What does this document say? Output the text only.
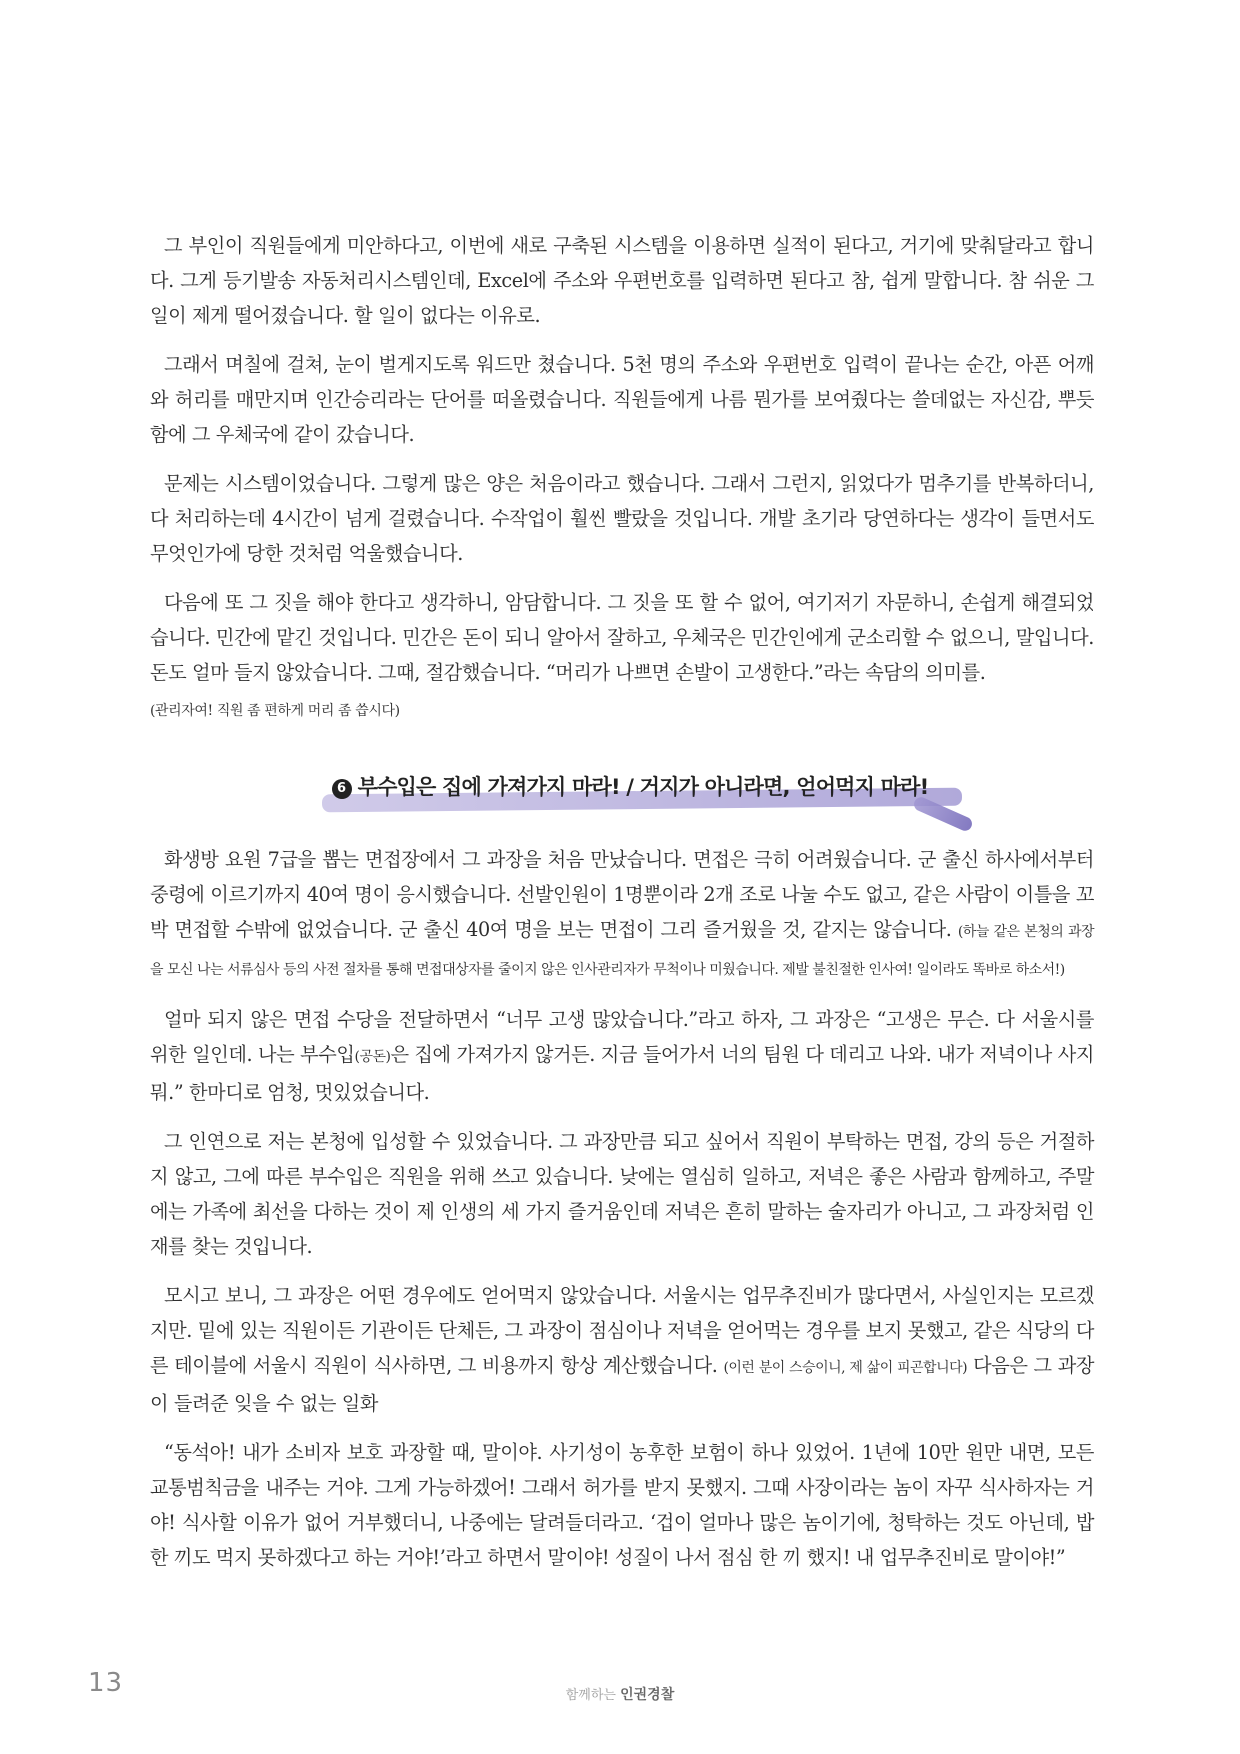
그 부인이 직원들에게 미안하다고, 이번에 새로 구축된 시스템을 이용하면 실적이 된다고, 거기에 맞춰달라고 합니다. 그게 등기발송 자동처리시스템인데, Excel에 주소와 우편번호를 입력하면 된다고 참, 쉽게 말합니다. 참 쉬운 그 일이 제게 떨어졌습니다. 할 일이 없다는 이유로.

그래서 며칠에 걸쳐, 눈이 벌게지도록 워드만 쳤습니다. 5천 명의 주소와 우편번호 입력이 끝나는 순간, 아픈 어깨와 허리를 매만지며 인간승리라는 단어를 떠올렸습니다. 직원들에게 나름 뭔가를 보여줬다는 쓸데없는 자신감, 뿌듯함에 그 우체국에 같이 갔습니다.

문제는 시스템이었습니다. 그렇게 많은 양은 처음이라고 했습니다. 그래서 그런지, 읽었다가 멈추기를 반복하더니, 다 처리하는데 4시간이 넘게 걸렸습니다. 수작업이 훨씬 빨랐을 것입니다. 개발 초기라 당연하다는 생각이 들면서도 무엇인가에 당한 것처럼 억울했습니다.

다음에 또 그 짓을 해야 한다고 생각하니, 암담합니다. 그 짓을 또 할 수 없어, 여기저기 자문하니, 손쉽게 해결되었습니다. 민간에 맡긴 것입니다. 민간은 돈이 되니 알아서 잘하고, 우체국은 민간인에게 군소리할 수 없으니, 말입니다. 돈도 얼마 들지 않았습니다. 그때, 절감했습니다. “머리가 나쁘면 손발이 고생한다.”라는 속담의 의미를.

(관리자여! 직원 좀 편하게 머리 좀 씁시다)

6 부수입은 집에 가져가지 마라! / 거지가 아니라면, 얻어먹지 마라!

화생방 요원 7급을 뽑는 면접장에서 그 과장을 처음 만났습니다. 면접은 극히 어려웠습니다. 군 출신 하사에서부터 중령에 이르기까지 40여 명이 응시했습니다. 선발인원이 1명뿐이라 2개 조로 나눌 수도 없고, 같은 사람이 이틀을 꼬박 면접할 수밖에 없었습니다. 군 출신 40여 명을 보는 면접이 그리 즐거웠을 것, 같지는 않습니다. (하늘 같은 본청의 과장을 모신 나는 서류심사 등의 사전 절차를 통해 면접대상자를 줄이지 않은 인사관리자가 무척이나 미웠습니다. 제발 불친절한 인사여! 일이라도 똑바로 하소서!)

얼마 되지 않은 면접 수당을 전달하면서 “너무 고생 많았습니다.”라고 하자, 그 과장은 “고생은 무슨. 다 서울시를 위한 일인데. 나는 부수입(공돈)은 집에 가져가지 않거든. 지금 들어가서 너의 팀원 다 데리고 나와. 내가 저녁이나 사지 뭐.” 한마디로 엄청, 멋있었습니다.

그 인연으로 저는 본청에 입성할 수 있었습니다. 그 과장만큼 되고 싶어서 직원이 부탁하는 면접, 강의 등은 거절하지 않고, 그에 따른 부수입은 직원을 위해 쓰고 있습니다. 낮에는 열심히 일하고, 저녁은 좋은 사람과 함께하고, 주말에는 가족에 최선을 다하는 것이 제 인생의 세 가지 즐거움인데 저녁은 흔히 말하는 술자리가 아니고, 그 과장처럼 인재를 찾는 것입니다.

모시고 보니, 그 과장은 어떤 경우에도 얻어먹지 않았습니다. 서울시는 업무추진비가 많다면서, 사실인지는 모르겠지만. 밑에 있는 직원이든 기관이든 단체든, 그 과장이 점심이나 저녁을 얻어먹는 경우를 보지 못했고, 같은 식당의 다른 테이블에 서울시 직원이 식사하면, 그 비용까지 항상 계산했습니다. (이런 분이 스승이니, 제 삶이 피곤합니다) 다음은 그 과장이 들려준 잊을 수 없는 일화

“동석아! 내가 소비자 보호 과장할 때, 말이야. 사기성이 농후한 보험이 하나 있었어. 1년에 10만 원만 내면, 모든 교통범칙금을 내주는 거야. 그게 가능하겠어! 그래서 허가를 받지 못했지. 그때 사장이라는 놈이 자꾸 식사하자는 거야! 식사할 이유가 없어 거부했더니, 나중에는 달려들더라고. ‘겁이 얼마나 많은 놈이기에, 청탁하는 것도 아닌데, 밥 한 끼도 먹지 못하겠다고 하는 거야!’라고 하면서 말이야! 성질이 나서 점심 한 끼 했지! 내 업무추진비로 말이야!”

13	함께하는 인권경찰
